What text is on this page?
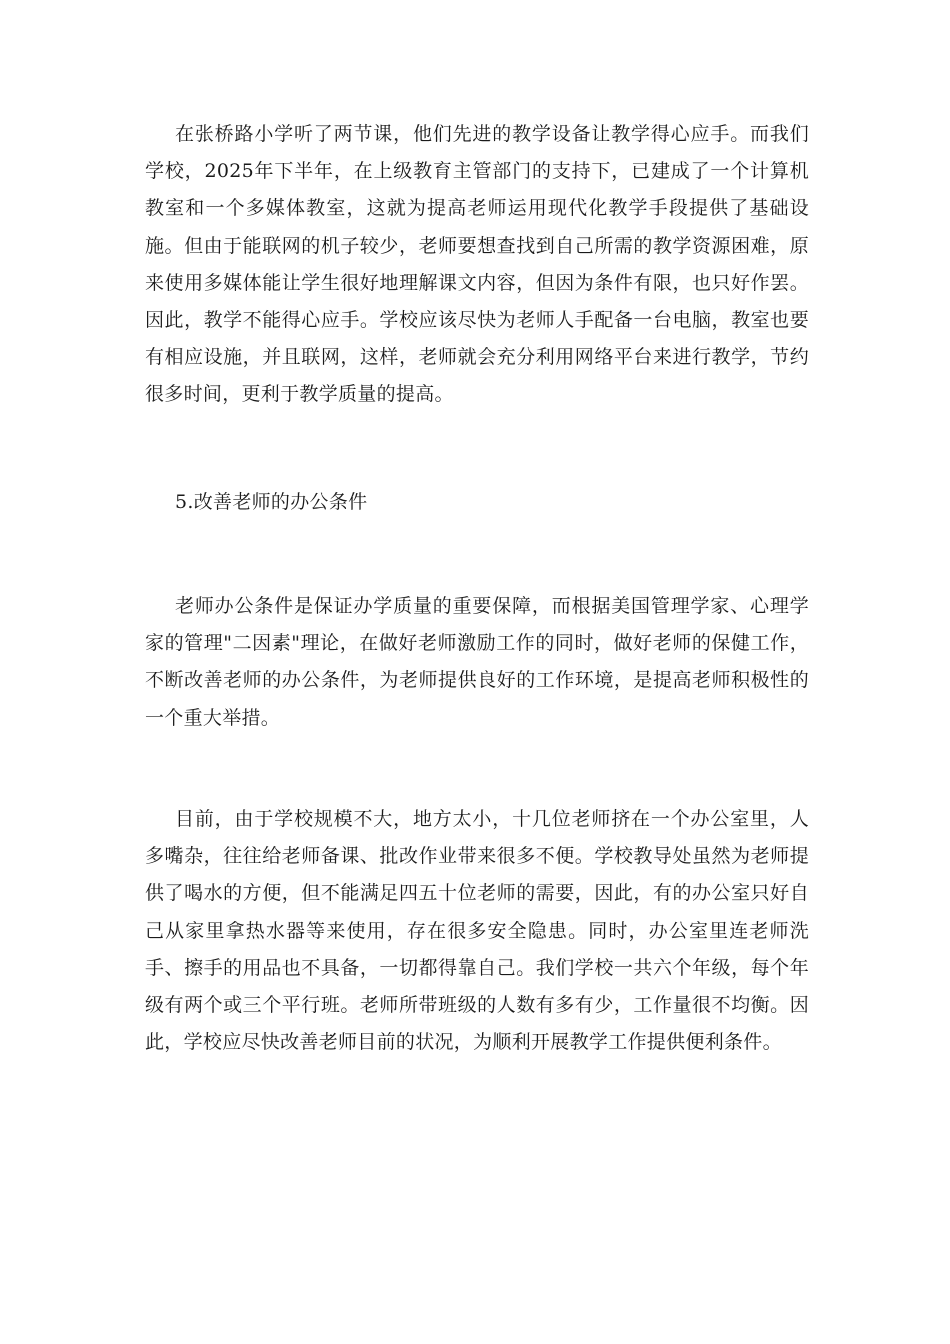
在张桥路小学听了两节课，他们先进的教学设备让教学得心应手。而我们学校，2025年下半年，在上级教育主管部门的支持下，已建成了一个计算机教室和一个多媒体教室，这就为提高老师运用现代化教学手段提供了基础设施。但由于能联网的机子较少，老师要想查找到自己所需的教学资源困难，原来使用多媒体能让学生很好地理解课文内容，但因为条件有限，也只好作罢。因此，教学不能得心应手。学校应该尽快为老师人手配备一台电脑，教室也要有相应设施，并且联网，这样，老师就会充分利用网络平台来进行教学，节约很多时间，更利于教学质量的提高。

5.改善老师的办公条件

老师办公条件是保证办学质量的重要保障，而根据美国管理学家、心理学家的管理"二因素"理论，在做好老师激励工作的同时，做好老师的保健工作，不断改善老师的办公条件，为老师提供良好的工作环境，是提高老师积极性的一个重大举措。

目前，由于学校规模不大，地方太小，十几位老师挤在一个办公室里，人多嘴杂，往往给老师备课、批改作业带来很多不便。学校教导处虽然为老师提供了喝水的方便，但不能满足四五十位老师的需要，因此，有的办公室只好自己从家里拿热水器等来使用，存在很多安全隐患。同时，办公室里连老师洗手、擦手的用品也不具备，一切都得靠自己。我们学校一共六个年级，每个年级有两个或三个平行班。老师所带班级的人数有多有少，工作量很不均衡。因此，学校应尽快改善老师目前的状况，为顺利开展教学工作提供便利条件。
